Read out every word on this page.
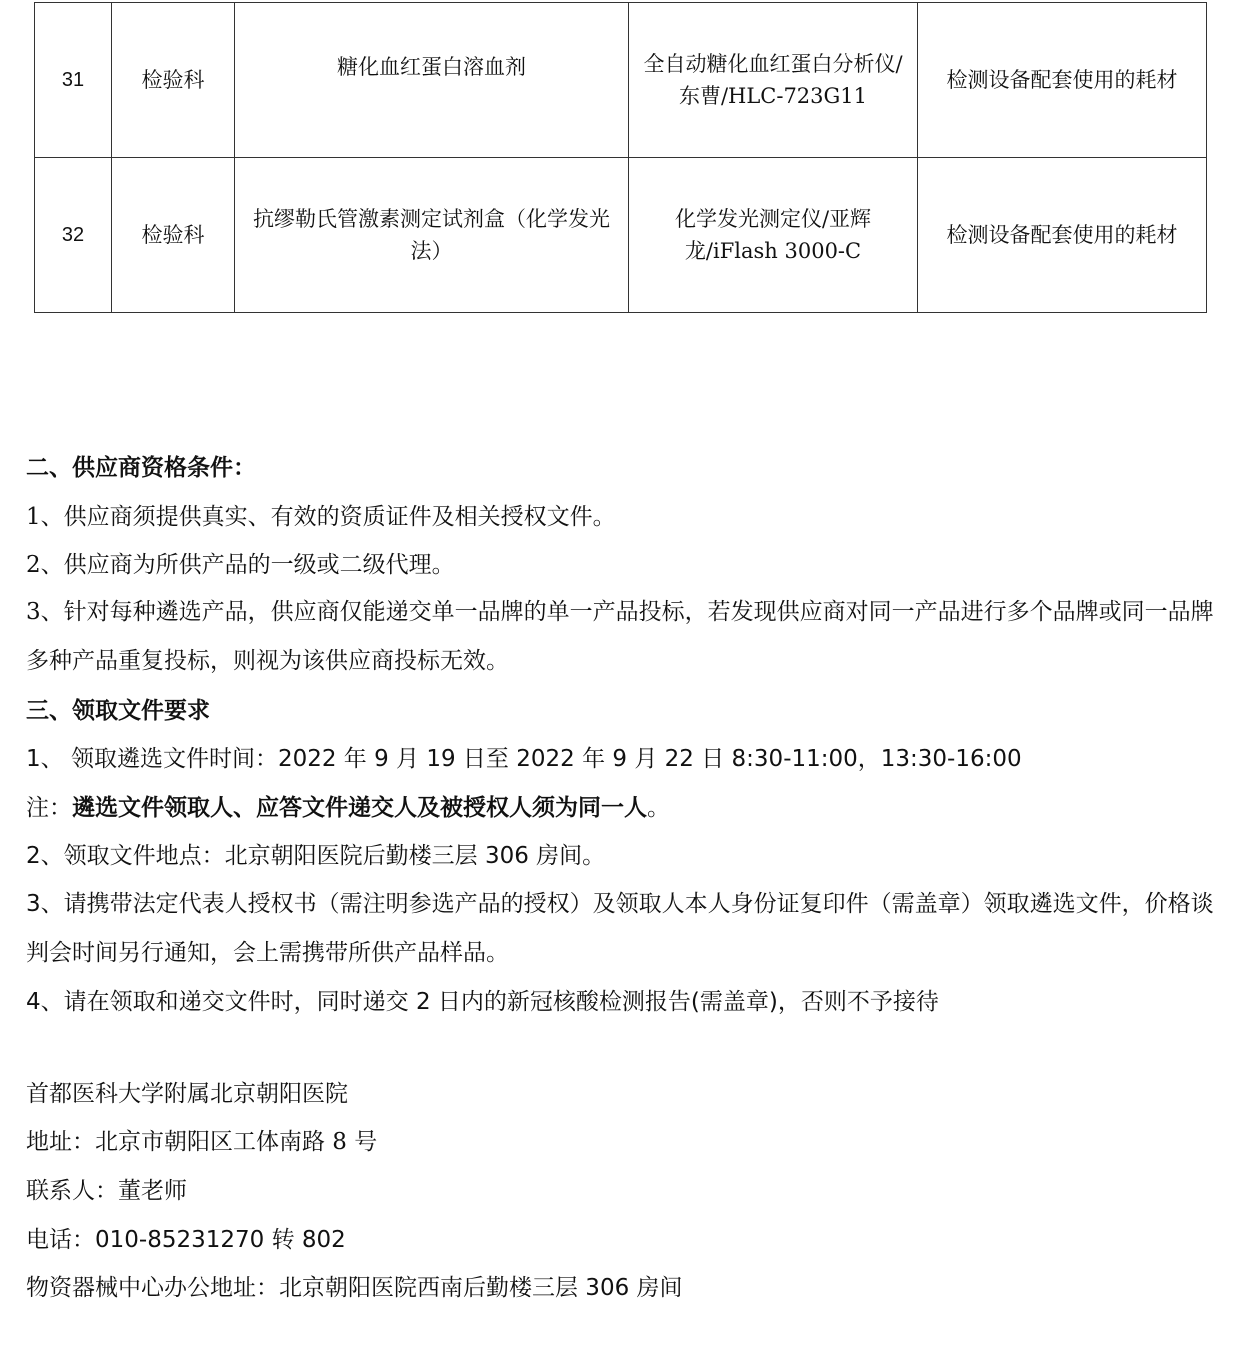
31	检验科	糖化血红蛋白溶血剂	全自动糖化血红蛋白分析仪/东曹/HLC-723G11	检测设备配套使用的耗材
32	检验科	抗缪勒氏管激素测定试剂盒（化学发光法）	化学发光测定仪/亚辉龙/iFlash 3000-C	检测设备配套使用的耗材
二、供应商资格条件：
1、供应商须提供真实、有效的资质证件及相关授权文件。
2、供应商为所供产品的一级或二级代理。
3、针对每种遴选产品，供应商仅能递交单一品牌的单一产品投标，若发现供应商对同一产品进行多个品牌或同一品牌多种产品重复投标，则视为该供应商投标无效。
三、领取文件要求
1、 领取遴选文件时间：2022 年 9 月 19 日至 2022 年 9 月 22 日 8:30-11:00，13:30-16:00
注：遴选文件领取人、应答文件递交人及被授权人须为同一人。
2、领取文件地点：北京朝阳医院后勤楼三层 306 房间。
3、请携带法定代表人授权书（需注明参选产品的授权）及领取人本人身份证复印件（需盖章）领取遴选文件，价格谈判会时间另行通知，会上需携带所供产品样品。
4、请在领取和递交文件时，同时递交 2 日内的新冠核酸检测报告(需盖章)，否则不予接待
首都医科大学附属北京朝阳医院
地址：北京市朝阳区工体南路 8 号
联系人：董老师
电话：010-85231270 转 802
物资器械中心办公地址：北京朝阳医院西南后勤楼三层 306 房间
